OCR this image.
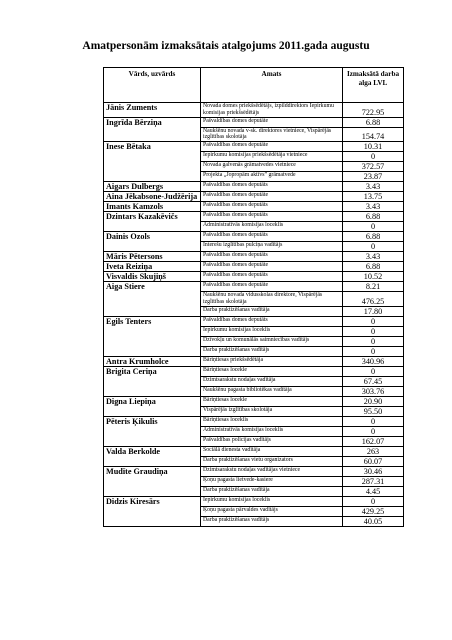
Amatpersonām izmaksātais atalgojums 2011.gada augustu
Vārds, uzvārds	Amats	Izmaksātā darba alga LVL
Jānis Zuments	Novada domes priekšsēdētājs, izpilddirektors Iepirkumu komisijas priekšsēdētājs	722.95
Ingrīda Bērziņa	Pašvaldības domes deputāte	6.88
	Naukšēnu novada v-sk. direktores vietniece, Vispārējās izglītības skolotāja	154.74
Inese Bētaka	Pašvaldības domes deputāte	10.31
	Iepirkumu komisijas priekšsēdētāja vietniece	0
	Novada galvenās grāmatvedes vietniece	372.57
	Projekta „Jopropām aktīvs” grāmatvede	23.87
Aigars Dulbergs	Pašvaldības domes deputāts	3.43
Aina Jēkabsone-Judžērija	Pašvaldības domes deputāte	13.75
Imants Kamzols	Pašvaldības domes deputāts	3.43
Dzintars Kazakēvičs	Pašvaldības domes deputāts	6.88
	Administratīvās komisijas loceklis	0
Dainis Ozols	Pašvaldības domes deputāts	6.88
	Interešu izglītības pulciņa vadītājs	0
Māris Pētersons	Pašvaldības domes deputāts	3.43
Iveta Reiziņa	Pašvaldības domes deputāte	6.88
Visvaldis Skujiņš	Pašvaldības domes deputāts	10.52
Aiga Stiere	Pašvaldības domes deputāte	8.21
	Naukšēnu novada vidusskolas direktore, Vispārējās izglītības skolotāja	476.25
	Darba praktizēšanas vadītāja	17.80
Egils Tenters	Pašvaldības domes deputāts	0
	Iepirkumu komisijas loceklis	0
	Dzīvokļu un komunālās saimniecības vadītājs	0
	Darba praktizēšanas vadītājs	0
Antra Krumholce	Bāriņtiesas priekšsēdētāja	340.96
Brigita Ceriņa	Bāriņtiesas locekle	0
	Dzimtsarakstu nodaļas vadītāja	67.45
	Naukšēnu pagasta bibliotēkas vadītāja	303.76
Digna Liepiņa	Bāriņtiesas locekle	20.90
	Vispārējās izglītības skolotāja	95.50
Pēteris Ķikulis	Bāriņtiesas loceklis	0
	Administratīvās komisijas loceklis	0
	Pašvaldības policijas vadītājs	162.07
Valda Berkolde	Sociālā dienesta vadītāja	263
	Darba praktizēšanas vietu organizators	60.07
Mudīte Graudiņa	Dzimtsarakstu nodaļas vadītājas vietniece	30.46
	Ķoņu pagasta lietvede-kasiere	287.31
	Darba praktizēšanas vadītāja	4.45
Didzis Kiresārs	Iepirkumu komisijas loceklis	0
	Ķoņu pagasta pārvaldes vadītājs	429.25
	Darba praktizēšanas vadītājs	40.05
